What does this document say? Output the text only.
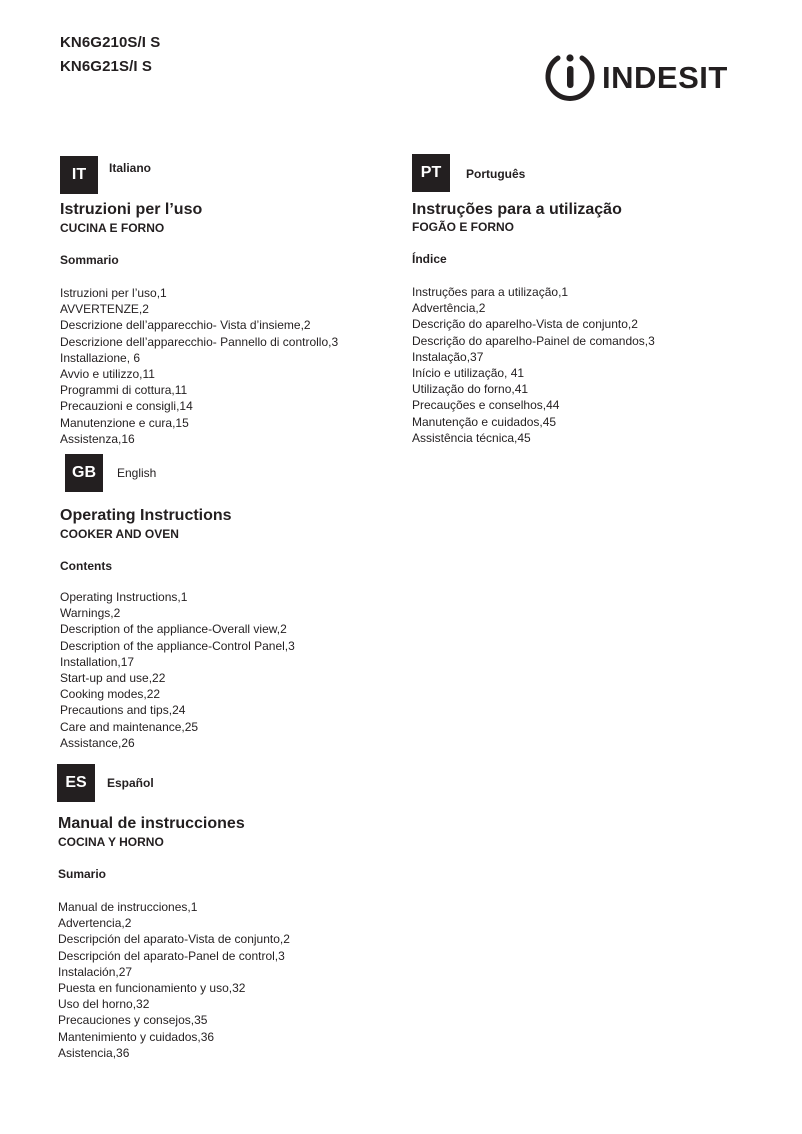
KN6G210S/I S
KN6G21S/I S	INDESIT
IT	Italiano
Istruzioni per l’uso
CUCINA E FORNO
Sommario
Istruzioni per l’uso,1
AVVERTENZE,2
Descrizione dell’apparecchio- Vista d’insieme,2
Descrizione dell’apparecchio- Pannello di controllo,3
Installazione, 6
Avvio e utilizzo,11
Programmi di cottura,11
Precauzioni e consigli,14
Manutenzione e cura,15
Assistenza,16
GB	English
Operating Instructions
COOKER AND OVEN
Contents
Operating Instructions,1
Warnings,2
Description of the appliance-Overall view,2
Description of the appliance-Control Panel,3
Installation,17
Start-up and use,22
Cooking modes,22
Precautions and tips,24
Care and maintenance,25
Assistance,26
ES	Español
Manual de instrucciones
COCINA Y HORNO
Sumario
Manual de instrucciones,1
Advertencia,2
Descripción del aparato-Vista de conjunto,2
Descripción del aparato-Panel de control,3
Instalación,27
Puesta en funcionamiento y uso,32
Uso del horno,32
Precauciones y consejos,35
Mantenimiento y cuidados,36
Asistencia,36
PT	Português
Instruções para a utilização
FOGÃO E FORNO
Índice
Instruções para a utilização,1
Advertência,2
Descrição do aparelho-Vista de conjunto,2
Descrição do aparelho-Painel de comandos,3
Instalação,37
Início e utilização, 41
Utilização do forno,41
Precauções e conselhos,44
Manutenção e cuidados,45
Assistência técnica,45
